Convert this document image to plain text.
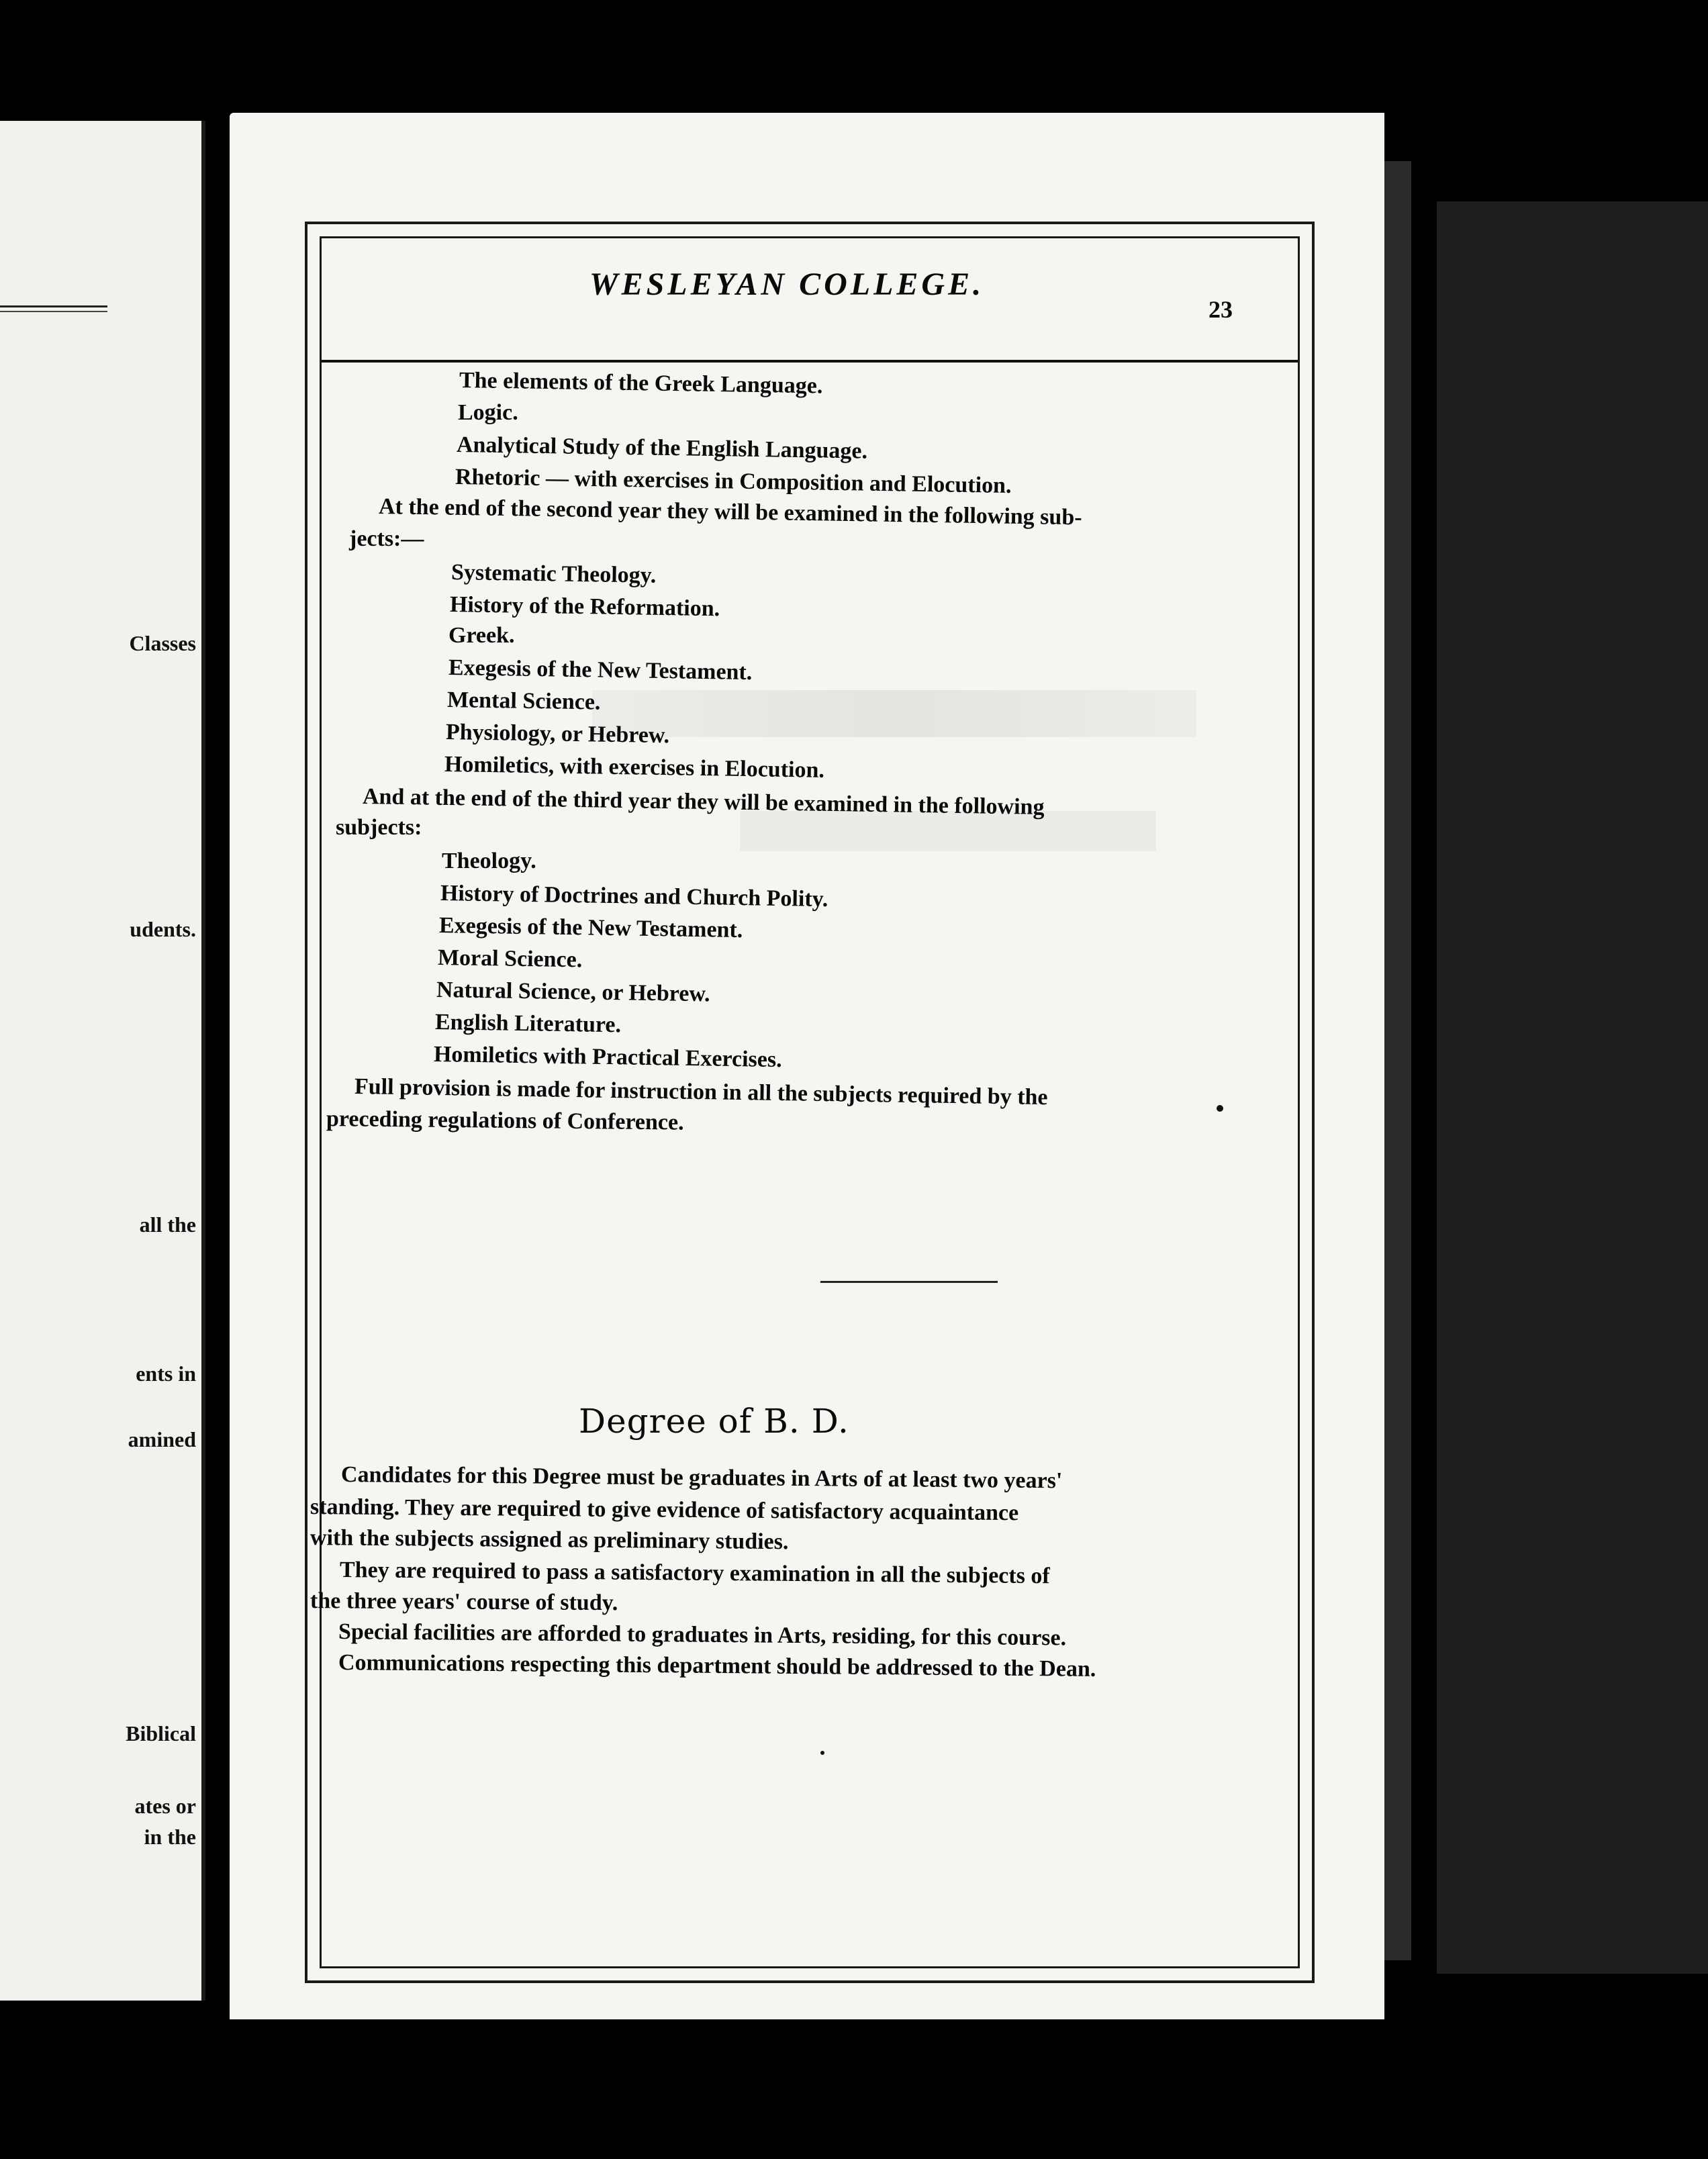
Classes
udents.
all the
ents in
amined
Biblical
ates or
in the
WESLEYAN COLLEGE.
23
The elements of the Greek Language.
Logic.
Analytical Study of the English Language.
Rhetoric — with exercises in Composition and Elocution.
At the end of the second year they will be examined in the following sub-
jects:—
Systematic Theology.
History of the Reformation.
Greek.
Exegesis of the New Testament.
Mental Science.
Physiology, or Hebrew.
Homiletics, with exercises in Elocution.
And at the end of the third year they will be examined in the following
subjects:
Theology.
History of Doctrines and Church Polity.
Exegesis of the New Testament.
Moral Science.
Natural Science, or Hebrew.
English Literature.
Homiletics with Practical Exercises.
Full provision is made for instruction in all the subjects required by the
preceding regulations of Conference.
Degree of B. D.
Candidates for this Degree must be graduates in Arts of at least two years'
standing. They are required to give evidence of satisfactory acquaintance
with the subjects assigned as preliminary studies.
They are required to pass a satisfactory examination in all the subjects of
the three years' course of study.
Special facilities are afforded to graduates in Arts, residing, for this course.
Communications respecting this department should be addressed to the Dean.
